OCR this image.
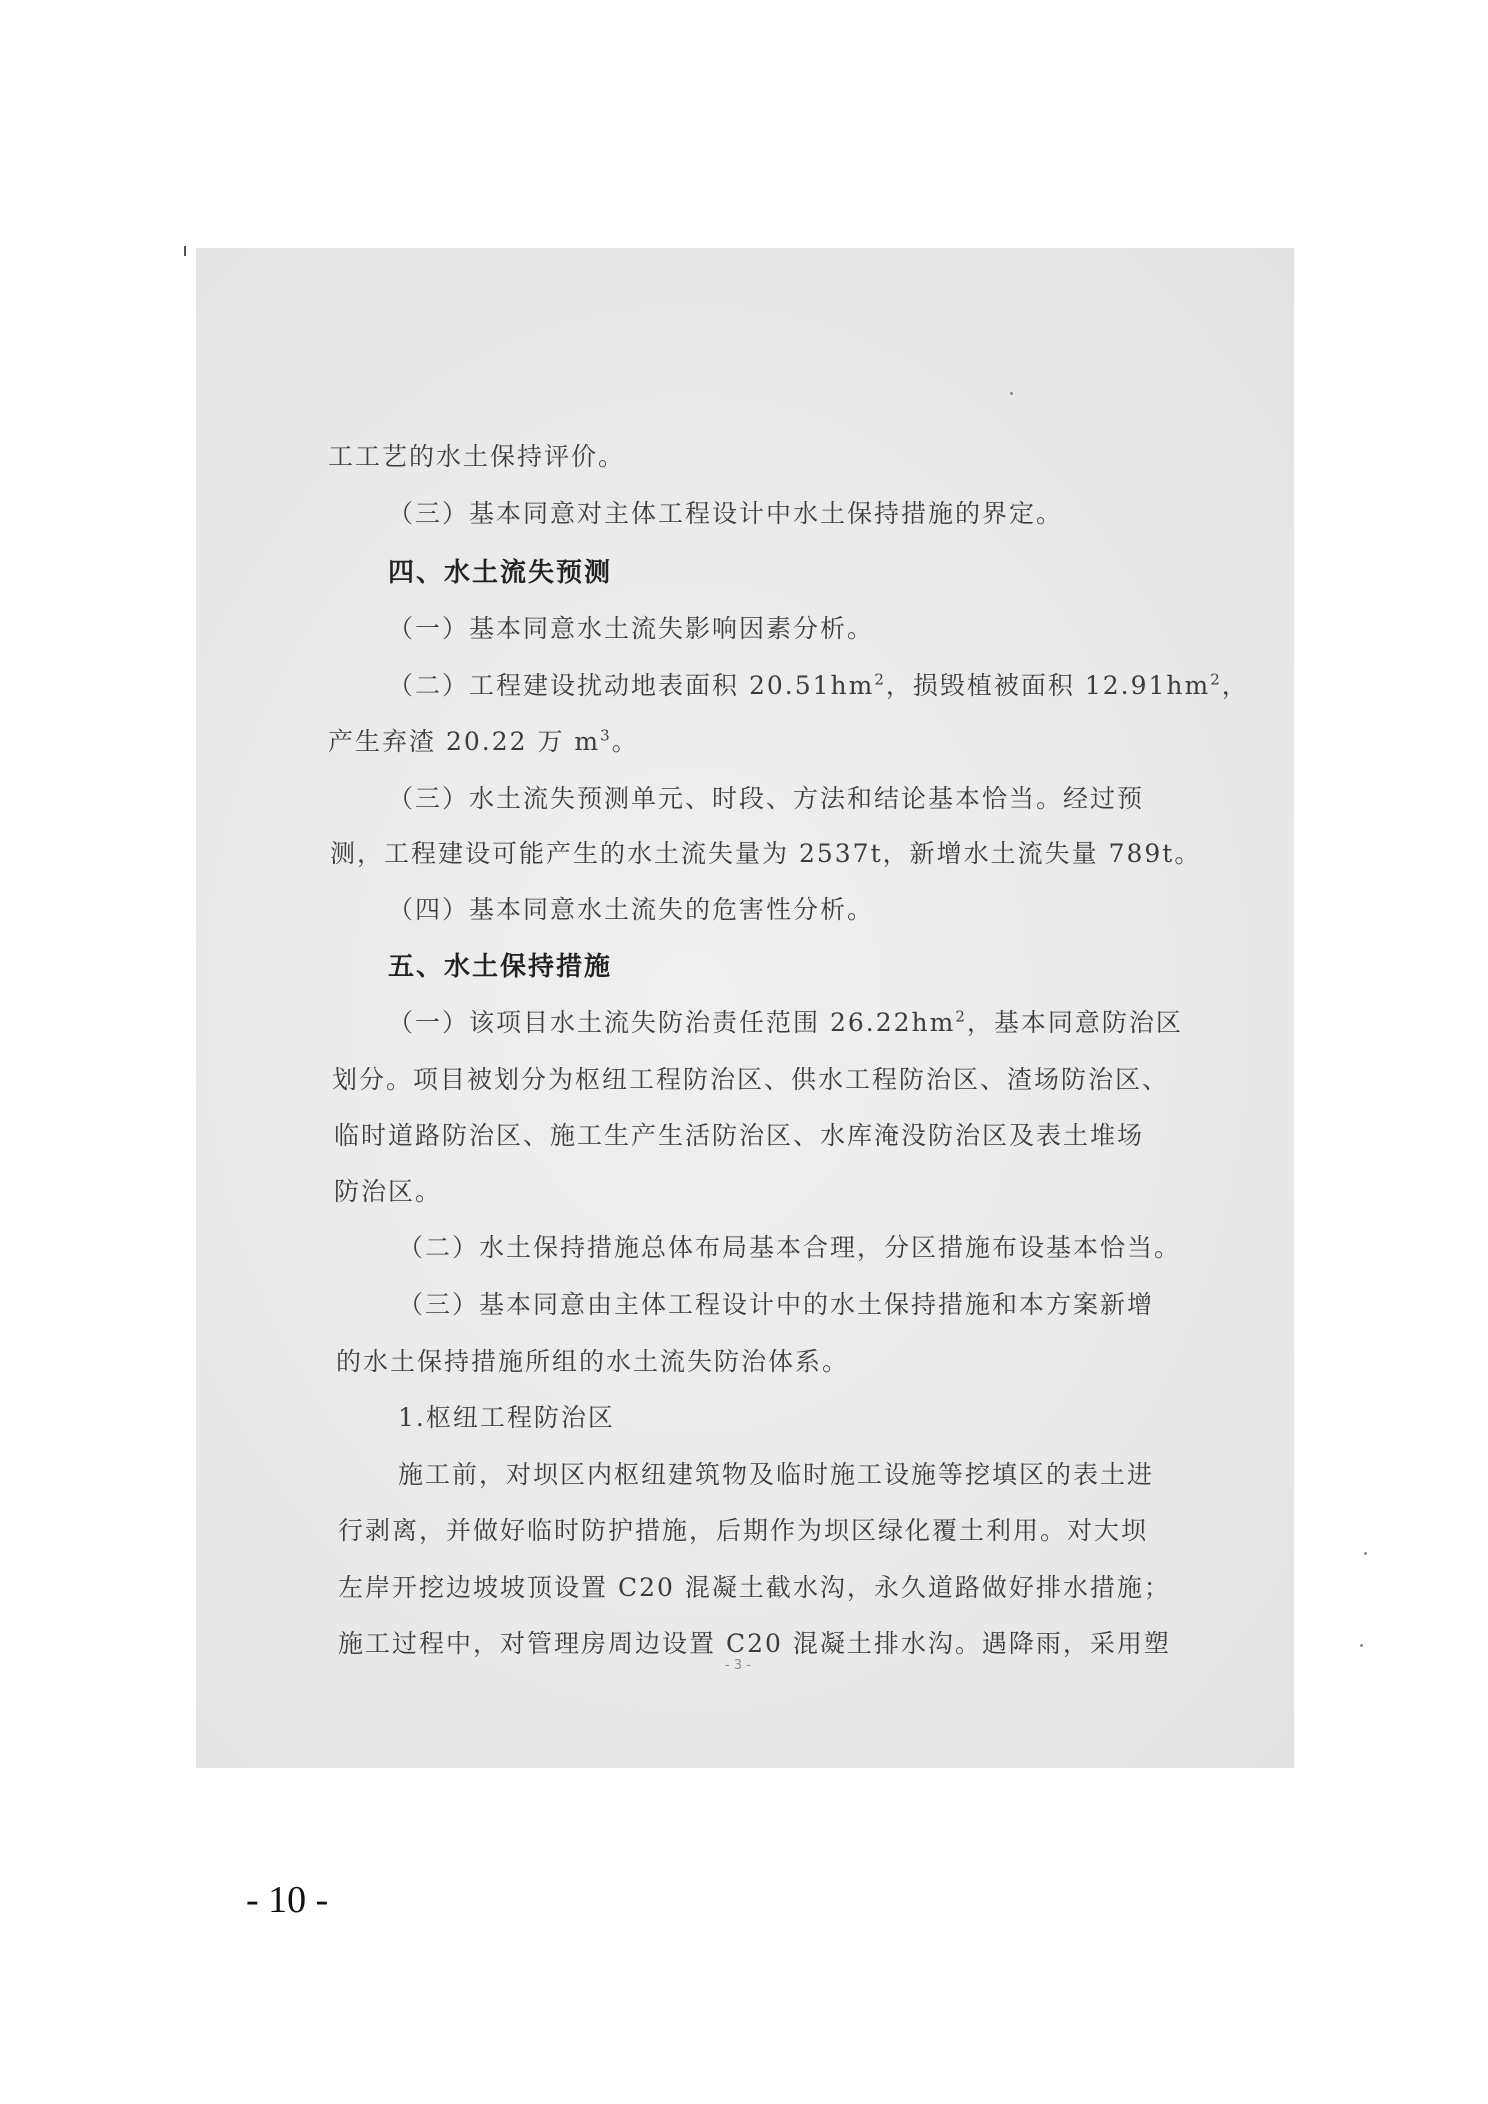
工工艺的水土保持评价。
（三）基本同意对主体工程设计中水土保持措施的界定。
四、水土流失预测
（一）基本同意水土流失影响因素分析。
（二）工程建设扰动地表面积 $20.51hm^2$，损毁植被面积 $12.91hm^2$，
产生弃渣 20.22 万 $m^3$。
（三）水土流失预测单元、时段、方法和结论基本恰当。经过预
测，工程建设可能产生的水土流失量为 2537t，新增水土流失量 789t。
（四）基本同意水土流失的危害性分析。
五、水土保持措施
（一）该项目水土流失防治责任范围 $26.22hm^2$，基本同意防治区
划分。项目被划分为枢纽工程防治区、供水工程防治区、渣场防治区、
临时道路防治区、施工生产生活防治区、水库淹没防治区及表土堆场
防治区。
（二）水土保持措施总体布局基本合理，分区措施布设基本恰当。
（三）基本同意由主体工程设计中的水土保持措施和本方案新增
的水土保持措施所组的水土流失防治体系。
1.枢纽工程防治区
施工前，对坝区内枢纽建筑物及临时施工设施等挖填区的表土进
行剥离，并做好临时防护措施，后期作为坝区绿化覆土利用。对大坝
左岸开挖边坡坡顶设置 C20 混凝土截水沟，永久道路做好排水措施；
施工过程中，对管理房周边设置 C20 混凝土排水沟。遇降雨，采用塑
- 3 -
- 10 -
